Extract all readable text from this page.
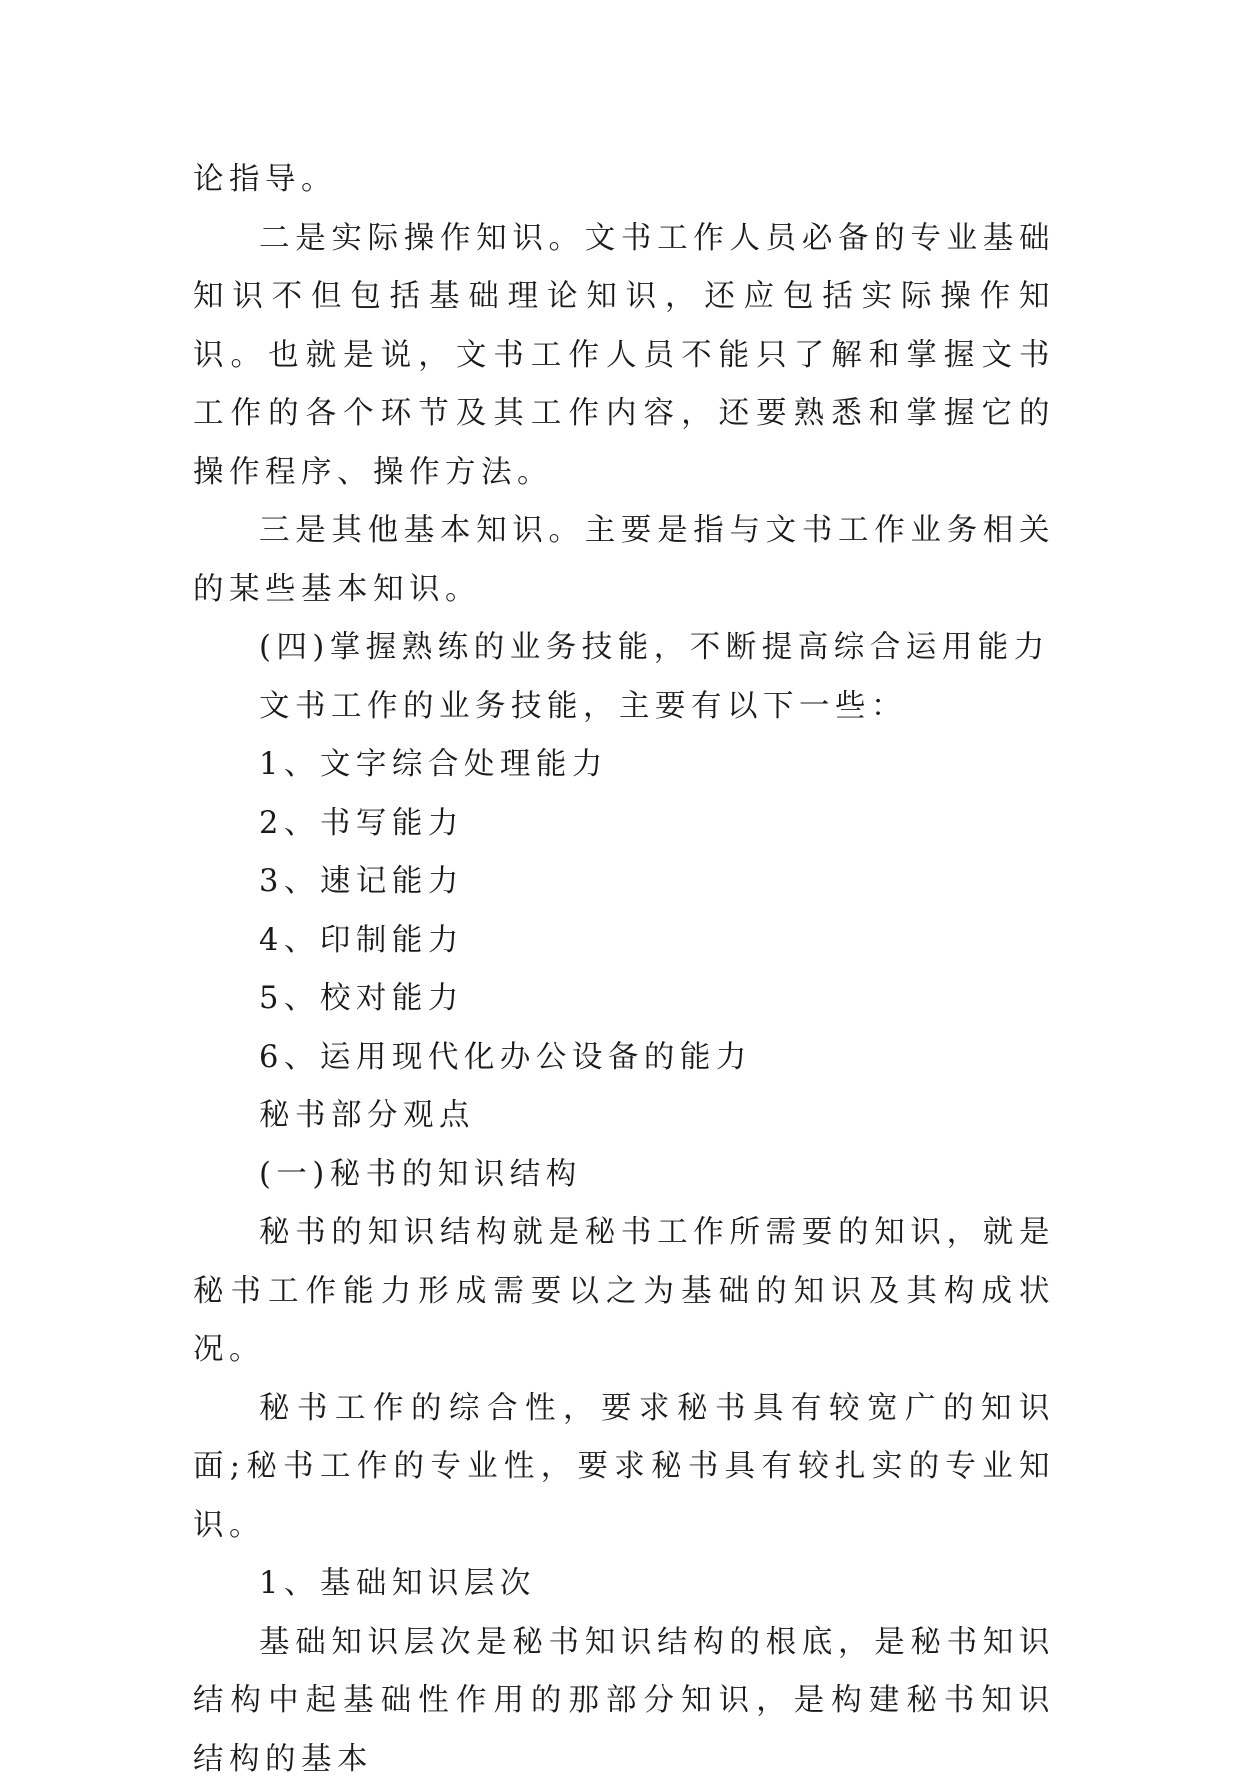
论指导。

二是实际操作知识。文书工作人员必备的专业基础知识不但包括基础理论知识，还应包括实际操作知识。也就是说，文书工作人员不能只了解和掌握文书工作的各个环节及其工作内容，还要熟悉和掌握它的操作程序、操作方法。

三是其他基本知识。主要是指与文书工作业务相关的某些基本知识。

(四)掌握熟练的业务技能，不断提高综合运用能力

文书工作的业务技能，主要有以下一些：

1、文字综合处理能力

2、书写能力

3、速记能力

4、印制能力

5、校对能力

6、运用现代化办公设备的能力

秘书部分观点

(一)秘书的知识结构

秘书的知识结构就是秘书工作所需要的知识，就是秘书工作能力形成需要以之为基础的知识及其构成状况。

秘书工作的综合性，要求秘书具有较宽广的知识面;秘书工作的专业性，要求秘书具有较扎实的专业知识。

1、基础知识层次

基础知识层次是秘书知识结构的根底，是秘书知识结构中起基础性作用的那部分知识，是构建秘书知识结构的基本
